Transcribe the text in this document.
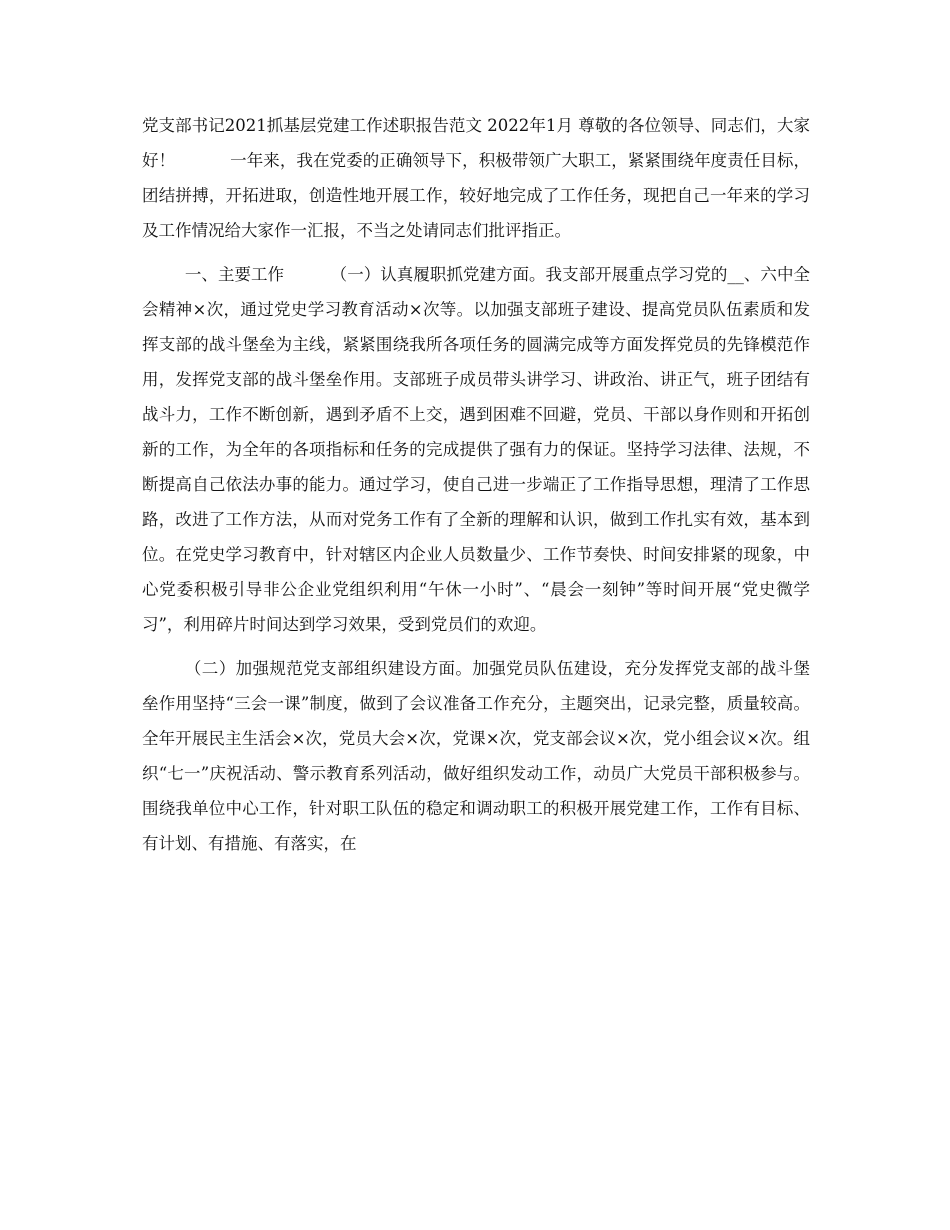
党支部书记2021抓基层党建工作述职报告范文 2022年1月 尊敬的各位领导、同志们，大家好！ 　　　一年来，我在党委的正确领导下，积极带领广大职工，紧紧围绕年度责任目标，团结拼搏，开拓进取，创造性地开展工作，较好地完成了工作任务，现把自己一年来的学习及工作情况给大家作一汇报，不当之处请同志们批评指正。

一、主要工作 　　　（一）认真履职抓党建方面。我支部开展重点学习党的__、六中全会精神×次，通过党史学习教育活动×次等。以加强支部班子建设、提高党员队伍素质和发挥支部的战斗堡垒为主线，紧紧围绕我所各项任务的圆满完成等方面发挥党员的先锋模范作用，发挥党支部的战斗堡垒作用。支部班子成员带头讲学习、讲政治、讲正气，班子团结有战斗力，工作不断创新，遇到矛盾不上交，遇到困难不回避，党员、干部以身作则和开拓创新的工作，为全年的各项指标和任务的完成提供了强有力的保证。坚持学习法律、法规，不断提高自己依法办事的能力。通过学习，使自己进一步端正了工作指导思想，理清了工作思路，改进了工作方法，从而对党务工作有了全新的理解和认识，做到工作扎实有效，基本到位。在党史学习教育中，针对辖区内企业人员数量少、工作节奏快、时间安排紧的现象，中心党委积极引导非公企业党组织利用“午休一小时”、“晨会一刻钟”等时间开展“党史微学习”，利用碎片时间达到学习效果，受到党员们的欢迎。

（二）加强规范党支部组织建设方面。加强党员队伍建设，充分发挥党支部的战斗堡垒作用坚持“三会一课”制度，做到了会议准备工作充分，主题突出，记录完整，质量较高。全年开展民主生活会×次，党员大会×次，党课×次，党支部会议×次，党小组会议×次。组织“七一”庆祝活动、警示教育系列活动，做好组织发动工作，动员广大党员干部积极参与。围绕我单位中心工作，针对职工队伍的稳定和调动职工的积极开展党建工作，工作有目标、有计划、有措施、有落实，在
